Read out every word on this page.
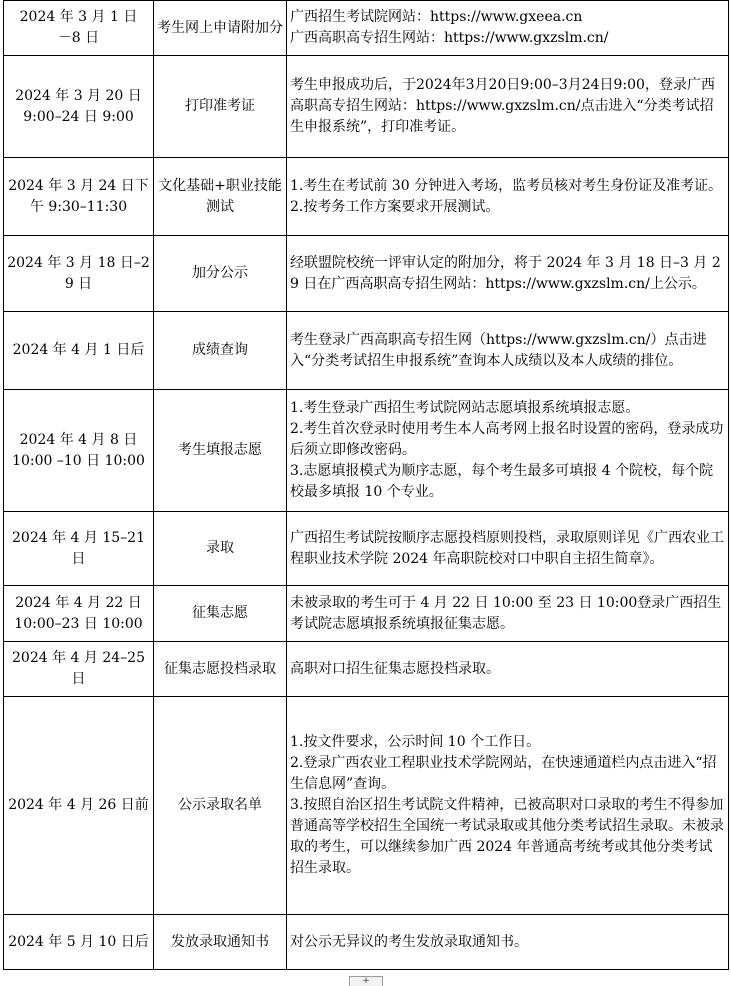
2024 年 3 月 1 日
－8 日	考生网上申请附加分	广西招生考试院网站：https://www.gxeea.cn
广西高职高专招生网站：https://www.gxzslm.cn/

2024 年 3 月 20 日
9:00–24 日 9:00	打印准考证	考生申报成功后，于2024年3月20日9:00–3月24日9:00，登录广西高职高专招生网站：https://www.gxzslm.cn/点击进入“分类考试招生申报系统”，打印准考证。

2024 年 3 月 24 日下午 9:30–11:30	文化基础+职业技能测试	1.考生在考试前 30 分钟进入考场，监考员核对考生身份证及准考证。
2.按考务工作方案要求开展测试。

2024 年 3 月 18 日–29 日	加分公示	经联盟院校统一评审认定的附加分，将于 2024 年 3 月 18 日–3 月 29 日在广西高职高专招生网站：https://www.gxzslm.cn/上公示。

2024 年 4 月 1 日后	成绩查询	考生登录广西高职高专招生网（https://www.gxzslm.cn/）点击进入“分类考试招生申报系统”查询本人成绩以及本人成绩的排位。

2024 年 4 月 8 日
10:00 –10 日 10:00	考生填报志愿	1.考生登录广西招生考试院网站志愿填报系统填报志愿。
2.考生首次登录时使用考生本人高考网上报名时设置的密码，登录成功后须立即修改密码。
3.志愿填报模式为顺序志愿，每个考生最多可填报 4 个院校，每个院校最多填报 10 个专业。

2024 年 4 月 15–21 日	录取	广西招生考试院按顺序志愿投档原则投档，录取原则详见《广西农业工程职业技术学院 2024 年高职院校对口中职自主招生简章》。

2024 年 4 月 22 日
10:00–23 日 10:00	征集志愿	未被录取的考生可于 4 月 22 日 10:00 至 23 日 10:00登录广西招生考试院志愿填报系统填报征集志愿。

2024 年 4 月 24–25 日	征集志愿投档录取	高职对口招生征集志愿投档录取。

2024 年 4 月 26 日前	公示录取名单	1.按文件要求，公示时间 10 个工作日。
2.登录广西农业工程职业技术学院网站，在快速通道栏内点击进入“招生信息网”查询。
3.按照自治区招生考试院文件精神，已被高职对口录取的考生不得参加普通高等学校招生全国统一考试录取或其他分类考试招生录取。未被录取的考生，可以继续参加广西 2024 年普通高考统考或其他分类考试招生录取。

2024 年 5 月 10 日后	发放录取通知书	对公示无异议的考生发放录取通知书。
+
